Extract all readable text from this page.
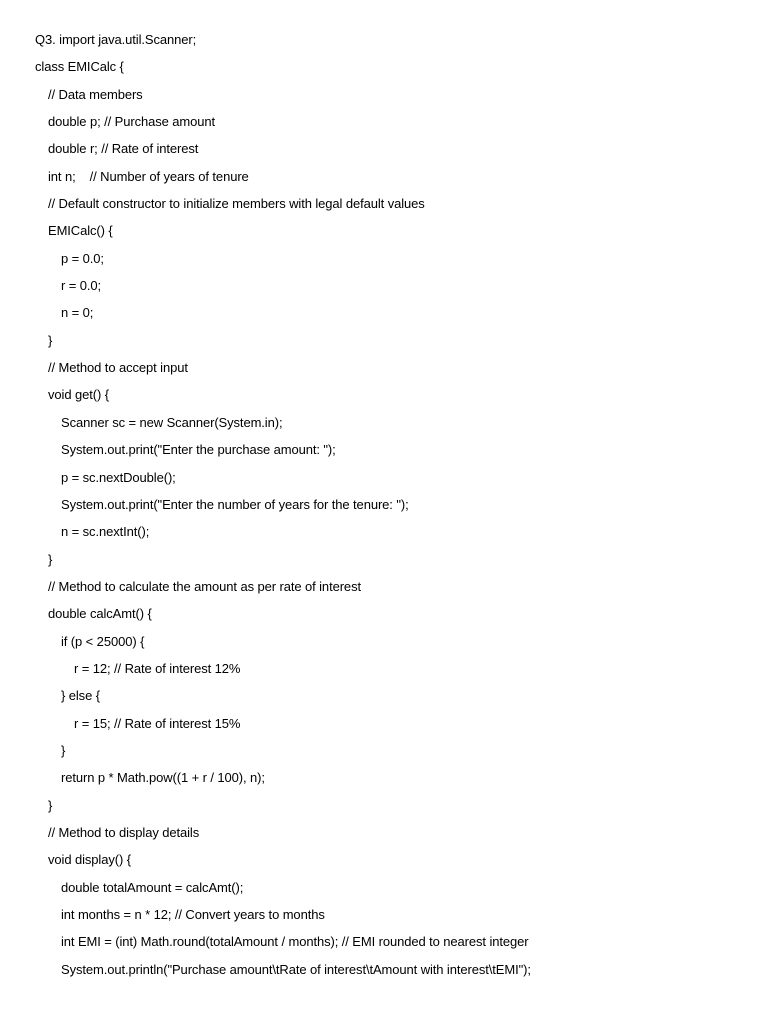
Q3. import java.util.Scanner;
class EMICalc {
// Data members
double p; // Purchase amount
double r; // Rate of interest
int n;    // Number of years of tenure
// Default constructor to initialize members with legal default values
EMICalc() {
p = 0.0;
r = 0.0;
n = 0;
}
// Method to accept input
void get() {
Scanner sc = new Scanner(System.in);
System.out.print("Enter the purchase amount: ");
p = sc.nextDouble();
System.out.print("Enter the number of years for the tenure: ");
n = sc.nextInt();
}
// Method to calculate the amount as per rate of interest
double calcAmt() {
if (p < 25000) {
r = 12; // Rate of interest 12%
} else {
r = 15; // Rate of interest 15%
}
return p * Math.pow((1 + r / 100), n);
}
// Method to display details
void display() {
double totalAmount = calcAmt();
int months = n * 12; // Convert years to months
int EMI = (int) Math.round(totalAmount / months); // EMI rounded to nearest integer
System.out.println("Purchase amount\tRate of interest\tAmount with interest\tEMI");
